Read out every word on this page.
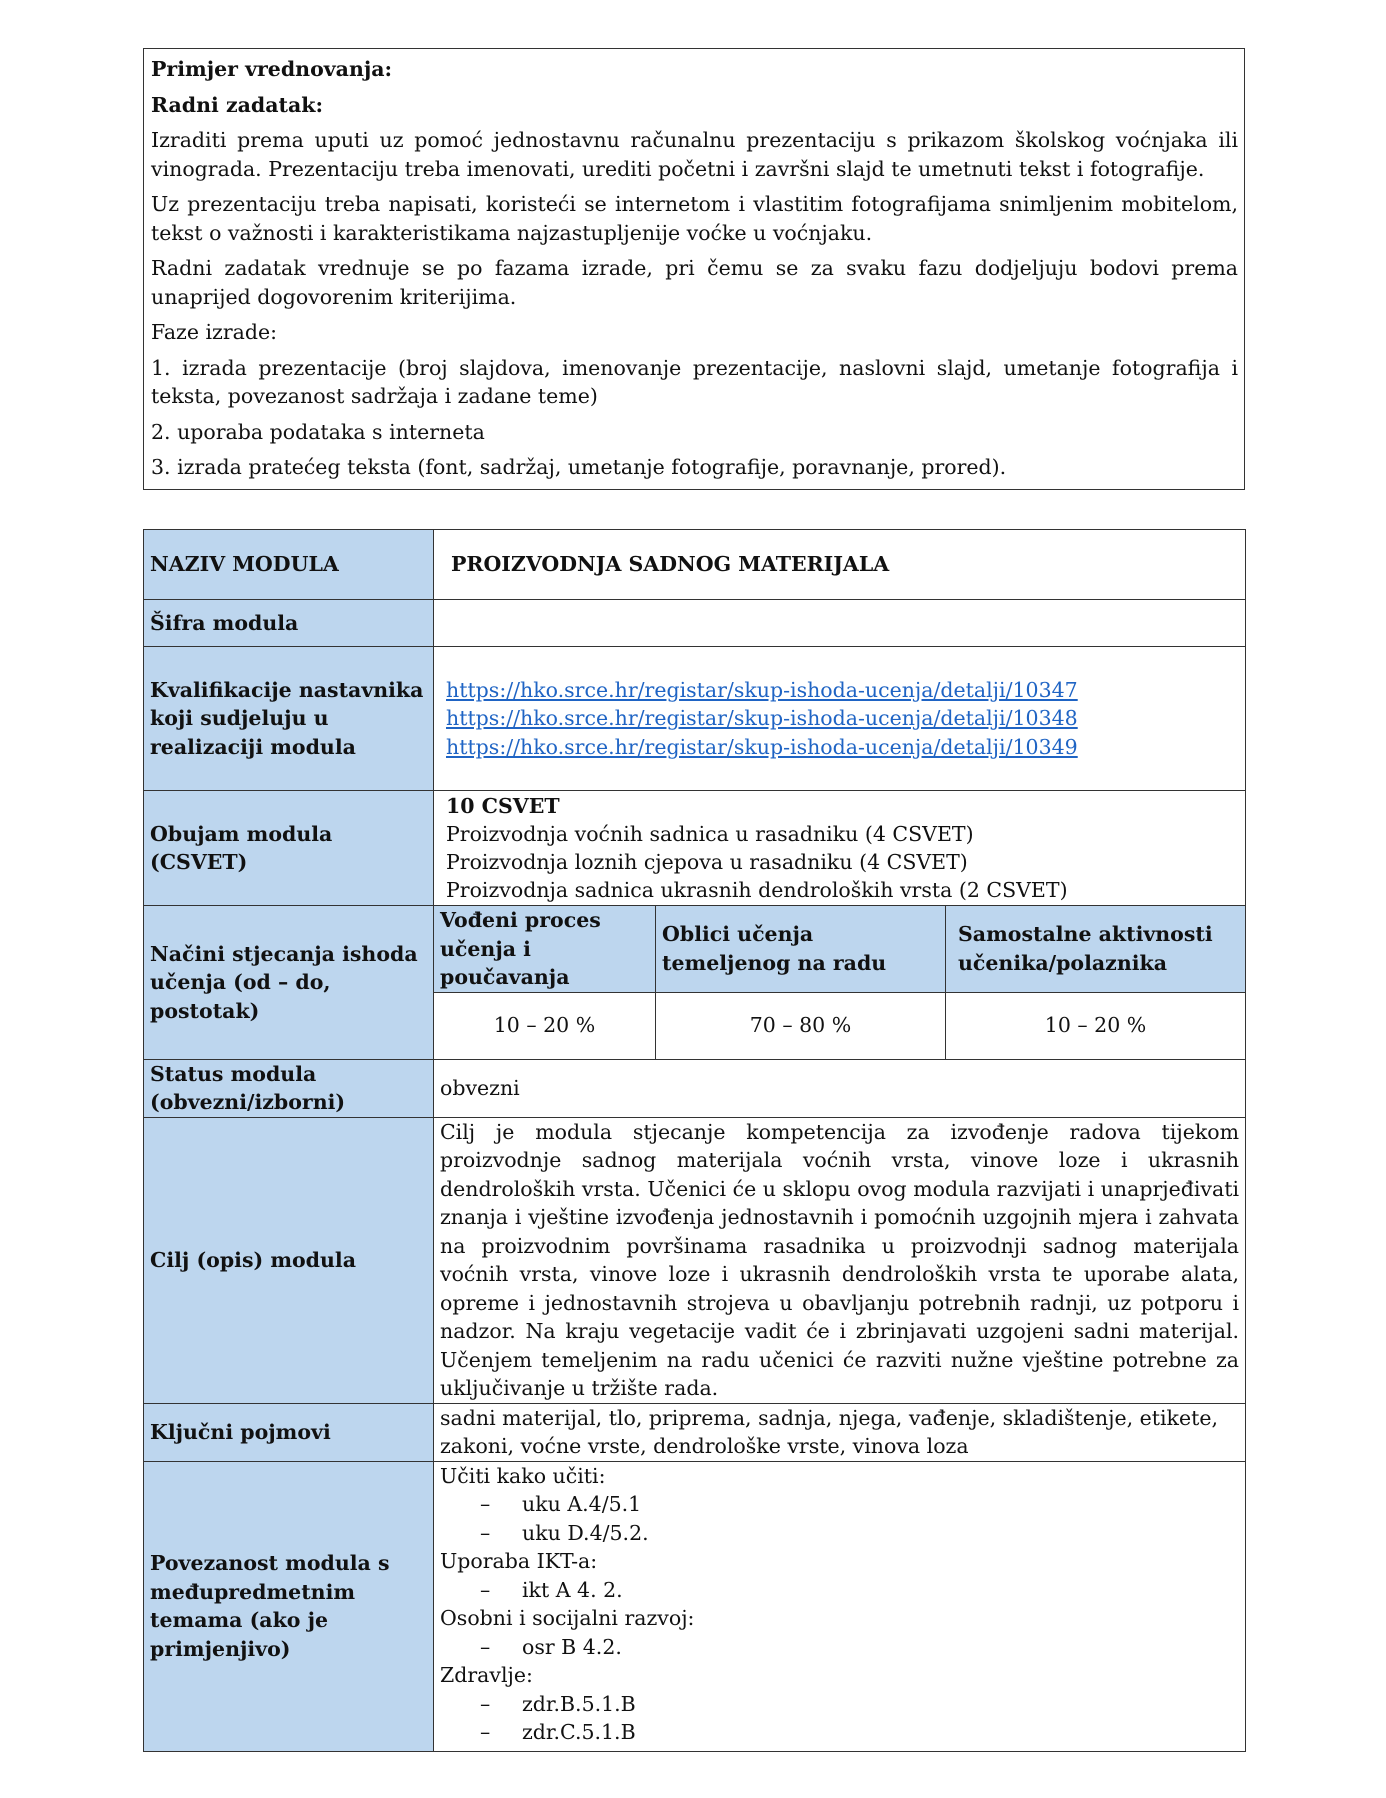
Primjer vrednovanja:

Radni zadatak:

Izraditi prema uputi uz pomoć jednostavnu računalnu prezentaciju s prikazom školskog voćnjaka ili vinograda. Prezentaciju treba imenovati, urediti početni i završni slajd te umetnuti tekst i fotografije.

Uz prezentaciju treba napisati, koristeći se internetom i vlastitim fotografijama snimljenim mobitelom, tekst o važnosti i karakteristikama najzastupljenije voćke u voćnjaku.

Radni zadatak vrednuje se po fazama izrade, pri čemu se za svaku fazu dodjeljuju bodovi prema unaprijed dogovorenim kriterijima.

Faze izrade:

1. izrada prezentacije (broj slajdova, imenovanje prezentacije, naslovni slajd, umetanje fotografija i teksta, povezanost sadržaja i zadane teme)

2. uporaba podataka s interneta

3. izrada pratećeg teksta (font, sadržaj, umetanje fotografije, poravnanje, prored).

NAZIV MODULA	PROIZVODNJA SADNOG MATERIJALA		
Šifra modula			
Kvalifikacije nastavnika koji sudjeluju u realizaciji modula	https://hko.srce.hr/registar/skup-ishoda-ucenja/detalji/10347
https://hko.srce.hr/registar/skup-ishoda-ucenja/detalji/10348
https://hko.srce.hr/registar/skup-ishoda-ucenja/detalji/10349		

Obujam modula (CSVET)	10 CSVET
Proizvodnja voćnih sadnica u rasadniku (4 CSVET)
Proizvodnja loznih cjepova u rasadniku (4 CSVET)
Proizvodnja sadnica ukrasnih dendroloških vrsta (2 CSVET)		

Načini stjecanja ishoda učenja (od – do, postotak)	Vođeni proces učenja i poučavanja	Oblici učenja temeljenog na radu	Samostalne aktivnosti učenika/polaznika
	10 – 20 %	70 – 80 %	10 – 20 %
Status modula (obvezni/izborni)	obvezni		
Cilj (opis) modula	Cilj je modula stjecanje kompetencija za izvođenje radova tijekom proizvodnje sadnog materijala voćnih vrsta, vinove loze i ukrasnih dendroloških vrsta. Učenici će u sklopu ovog modula razvijati i unaprjeđivati znanja i vještine izvođenja jednostavnih i pomoćnih uzgojnih mjera i zahvata na proizvodnim površinama rasadnika u proizvodnji sadnog materijala voćnih vrsta, vinove loze i ukrasnih dendroloških vrsta te uporabe alata, opreme i jednostavnih strojeva u obavljanju potrebnih radnji, uz potporu i nadzor. Na kraju vegetacije vadit će i zbrinjavati uzgojeni sadni materijal. Učenjem temeljenim na radu učenici će razviti nužne vještine potrebne za uključivanje u tržište rada.		
Ključni pojmovi	sadni materijal, tlo, priprema, sadnja, njega, vađenje, skladištenje, etikete, zakoni, voćne vrste, dendrološke vrste, vinova loza		
Povezanost modula s međupredmetnim temama (ako je primjenjivo)	
Učiti kako učiti:
– uku A.4/5.1
– uku D.4/5.2.
Uporaba IKT-a:
– ikt A 4. 2.
Osobni i socijalni razvoj:
– osr B 4.2.
Zdravlje:
– zdr.B.5.1.B
– zdr.C.5.1.B
